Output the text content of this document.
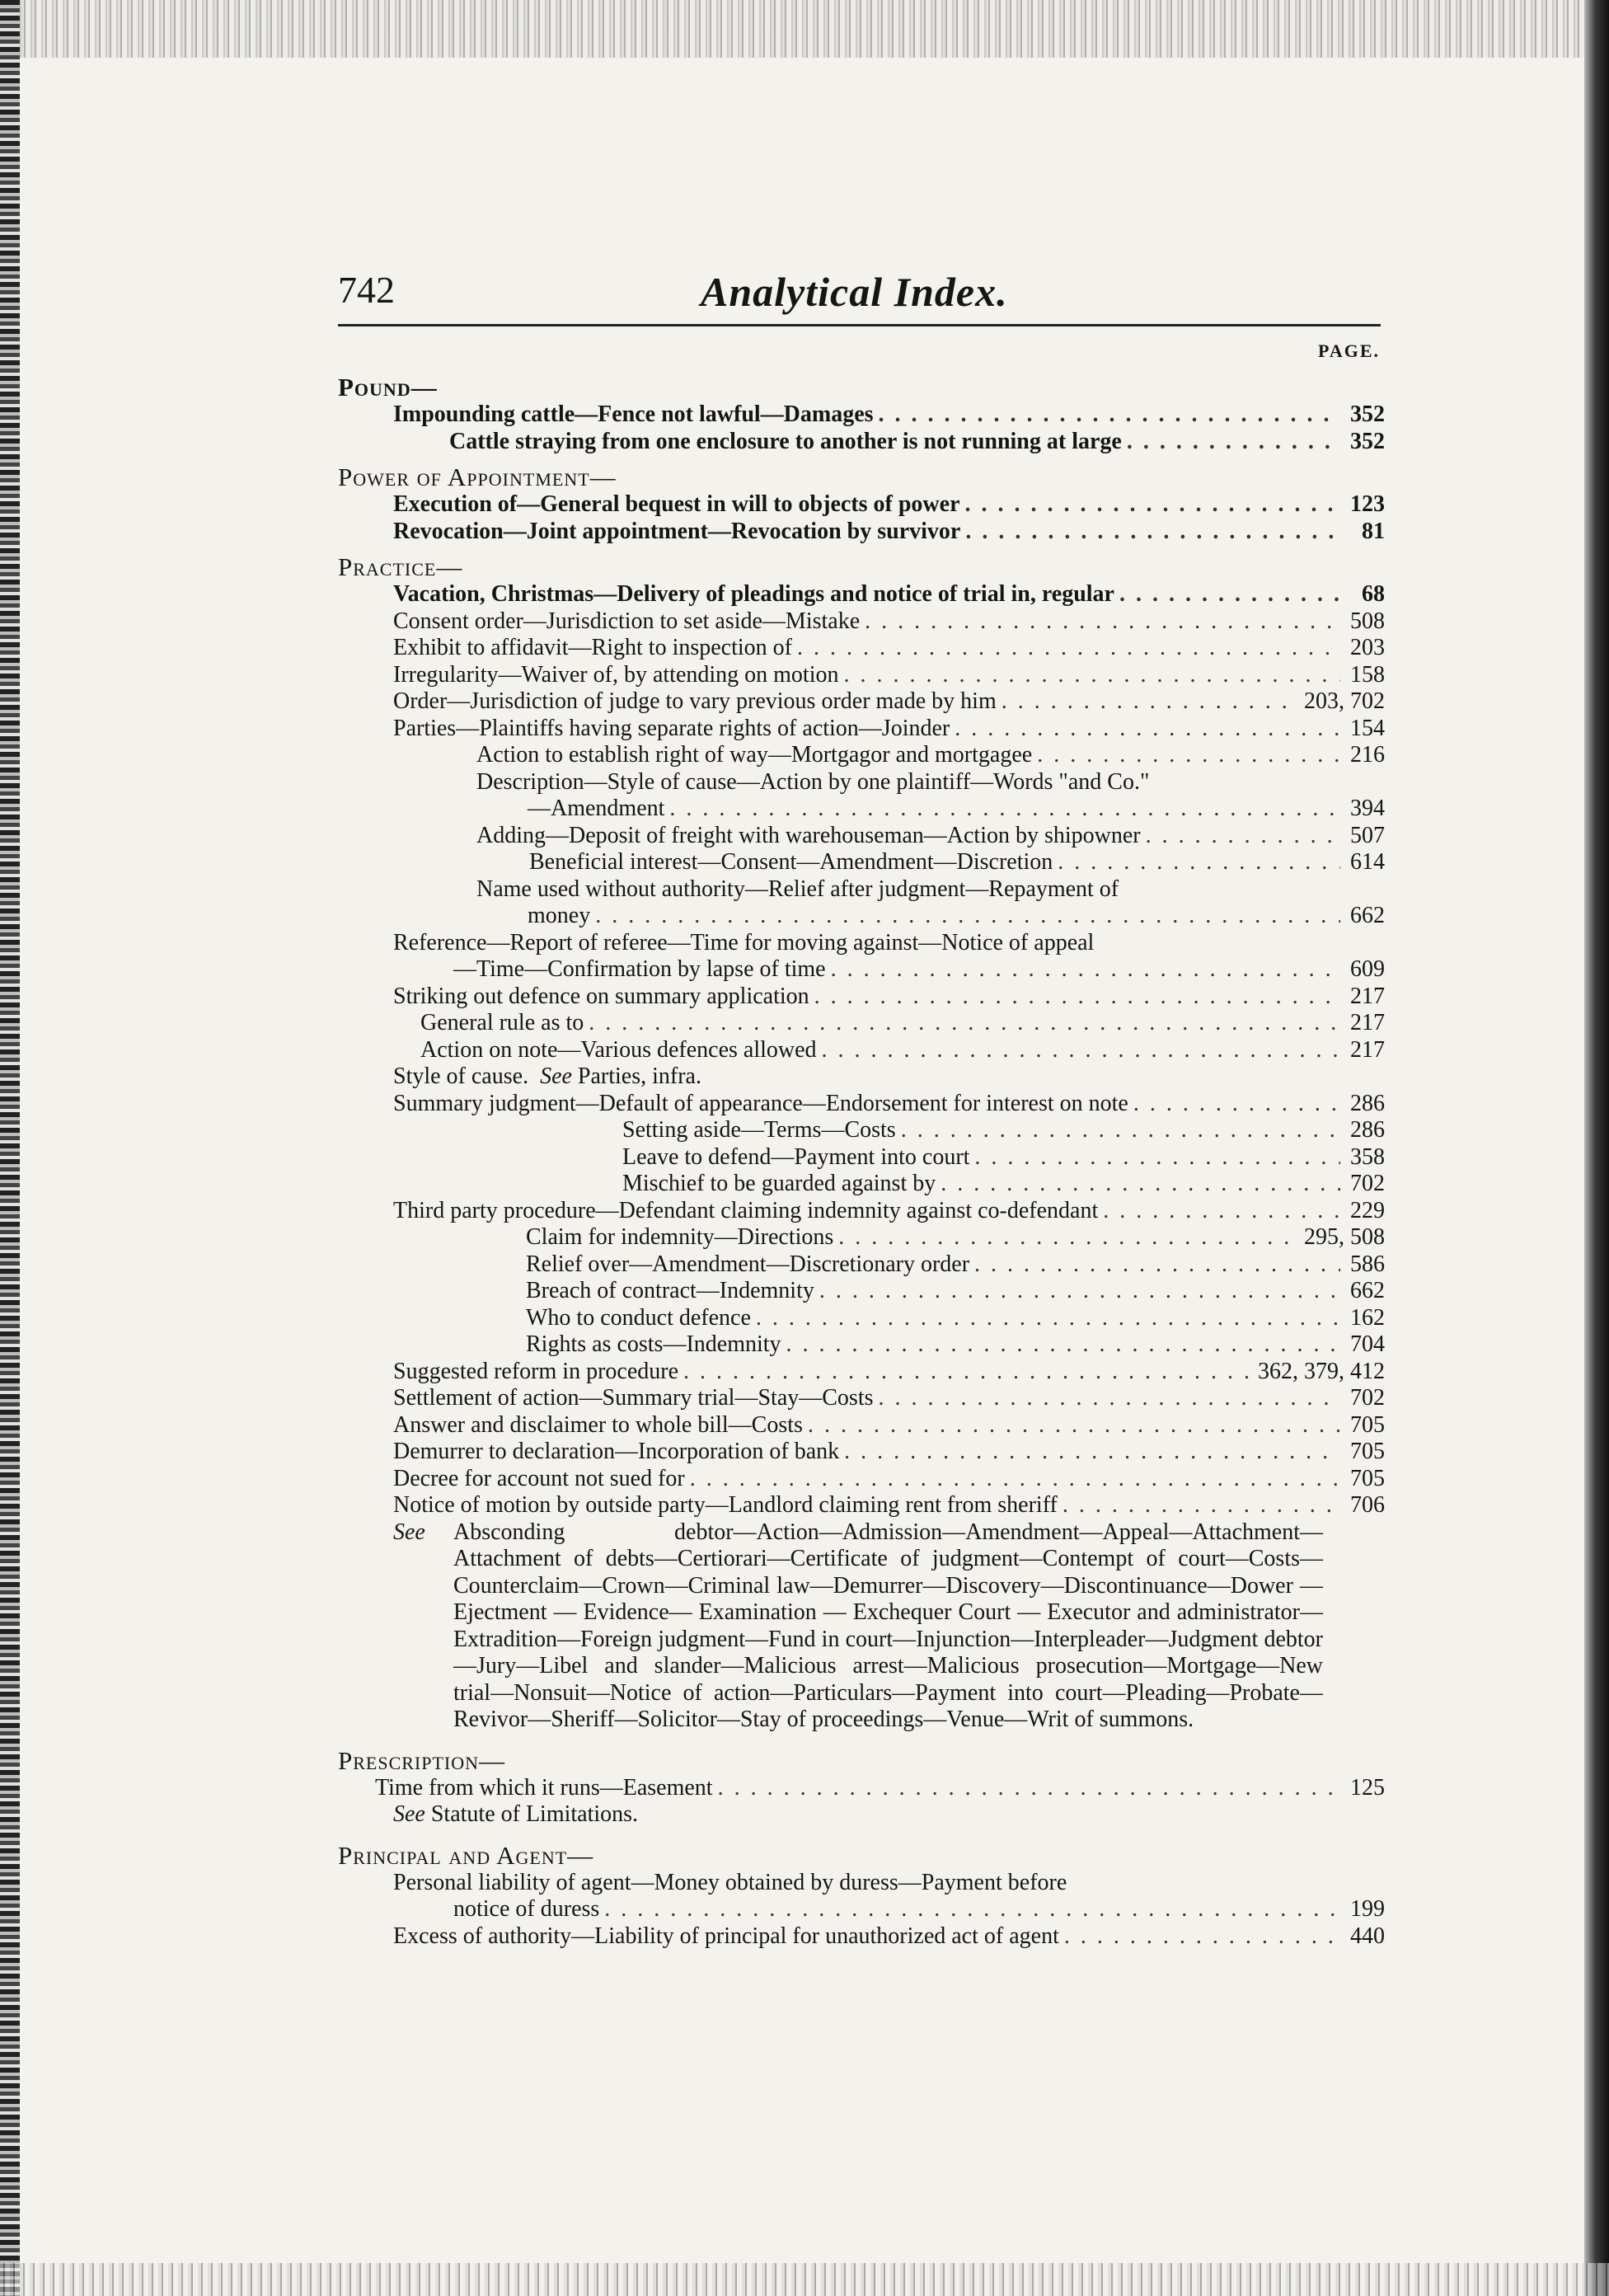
742	Analytical Index.
PAGE.
Pound—
Impounding cattle—Fence not lawful—Damages . . .	352
Cattle straying from one enclosure to another is not running at large . . .	352
Power of Appointment—
Execution of—General bequest in will to objects of power . . .	123
Revocation—Joint appointment—Revocation by survivor . . .	81
Practice—
Vacation, Christmas—Delivery of pleadings and notice of trial in, regular . . .	68
Consent order—Jurisdiction to set aside—Mistake . . .	508
Exhibit to affidavit—Right to inspection of . . .	203
Irregularity—Waiver of, by attending on motion . . .	158
Order—Jurisdiction of judge to vary previous order made by him . . .	203, 702
Parties—Plaintiffs having separate rights of action—Joinder . . .	154
Action to establish right of way—Mortgagor and mortgagee . . .	216
Description—Style of cause—Action by one plaintiff—Words "and Co."
—Amendment . . .	394
Adding—Deposit of freight with warehouseman—Action by shipowner . . .	507
Beneficial interest—Consent—Amendment—Discretion . . .	614
Name used without authority—Relief after judgment—Repayment of
money . . .	662
Reference—Report of referee—Time for moving against—Notice of appeal
—Time—Confirmation by lapse of time . . .	609
Striking out defence on summary application . . .	217
General rule as to . . .	217
Action on note—Various defences allowed . . .	217
Style of cause.
See
Parties, infra.
Summary judgment—Default of appearance—Endorsement for interest on note . . .	286
Setting aside—Terms—Costs . . .	286
Leave to defend—Payment into court . . .	358
Mischief to be guarded against by . . .	702
Third party procedure—Defendant claiming indemnity against co-defendant . . .	229
Claim for indemnity—Directions . . .	295, 508
Relief over—Amendment—Discretionary order . . .	586
Breach of contract—Indemnity . . .	662
Who to conduct defence . . .	162
Rights as costs—Indemnity . . .	704
Suggested reform in procedure . . .	362, 379, 412
Settlement of action—Summary trial—Stay—Costs . . .	702
Answer and disclaimer to whole bill—Costs . . .	705
Demurrer to declaration—Incorporation of bank . . .	705
Decree for account not sued for . . .	705
Notice of motion by outside party—Landlord claiming rent from sheriff . . .	706
See	Absconding debtor—Action—Admission—Amendment—Appeal—Attachment—Attachment of debts—Certiorari—Certificate of judgment—Contempt of court—Costs—Counterclaim—Crown—Criminal law—Demurrer—Discovery—Discontinuance—Dower — Ejectment — Evidence— Examination — Exchequer Court — Executor and administrator—Extradition—Foreign judgment—Fund in court—Injunction—Interpleader—Judgment debtor—Jury—Libel and slander—Malicious arrest—Malicious prosecution—Mortgage—New trial—Nonsuit—Notice of action—Particulars—Payment into court—Pleading—Probate—Revivor—Sheriff—Solicitor—Stay of proceedings—Venue—Writ of summons.
Prescription—
Time from which it runs—Easement . . .	125
See
Statute of Limitations.
Principal and Agent—
Personal liability of agent—Money obtained by duress—Payment before
notice of duress . . .	199
Excess of authority—Liability of principal for unauthorized act of agent . . .	440
